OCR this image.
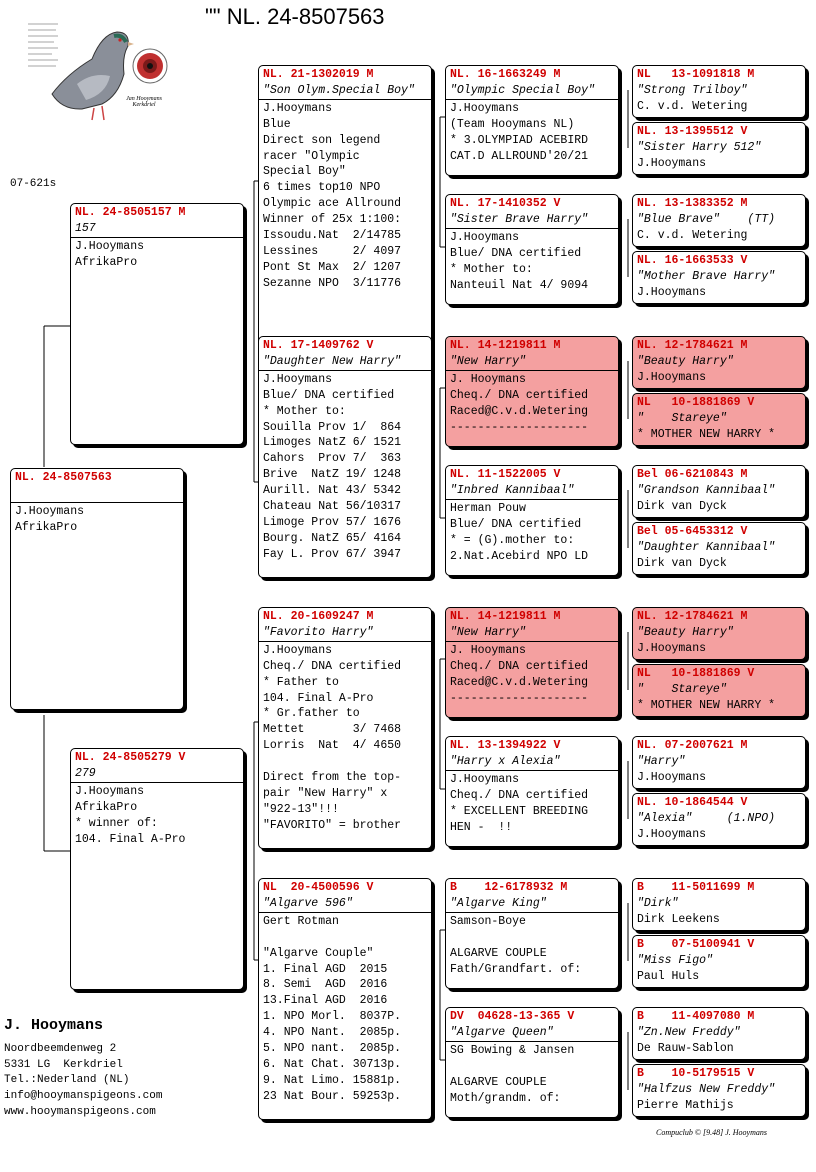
"" NL. 24-8507563
07-621s
Jan Hooymans Kerkdriel
NL. 24-8507563
J.Hooymans
AfrikaPro
NL. 24-8505157 M
157
J.Hooymans
AfrikaPro
NL. 24-8505279 V
279
J.Hooymans
AfrikaPro
* winner of:
104. Final A-Pro
NL. 21-1302019 M
"Son Olym.Special Boy"
J.Hooymans
Blue
Direct son legend
racer "Olympic
Special Boy"
6 times top10 NPO
Olympic ace Allround
Winner of 25x 1:100:
Issoudu.Nat  2/14785
Lessines     2/ 4097
Pont St Max  2/ 1207
Sezanne NPO  3/11776
NL. 17-1409762 V
"Daughter New Harry"
J.Hooymans
Blue/ DNA certified
* Mother to:
Souilla Prov 1/  864
Limoges NatZ 6/ 1521
Cahors  Prov 7/  363
Brive  NatZ 19/ 1248
Aurill. Nat 43/ 5342
Chateau Nat 56/10317
Limoge Prov 57/ 1676
Bourg. NatZ 65/ 4164
Fay L. Prov 67/ 3947
NL. 20-1609247 M
"Favorito Harry"
J.Hooymans
Cheq./ DNA certified
* Father to
104. Final A-Pro
* Gr.father to
Mettet       3/ 7468
Lorris  Nat  4/ 4650

Direct from the top-
pair "New Harry" x
"922-13"!!!
"FAVORITO" = brother
NL  20-4500596 V
"Algarve 596"
Gert Rotman

"Algarve Couple"
1. Final AGD  2015
8. Semi  AGD  2016
13.Final AGD  2016
1. NPO Morl.  8037P.
4. NPO Nant.  2085p.
5. NPO nant.  2085p.
6. Nat Chat. 30713p.
9. Nat Limo. 15881p.
23 Nat Bour. 59253p.
NL. 16-1663249 M
"Olympic Special Boy"
J.Hooymans
(Team Hooymans NL)
* 3.OLYMPIAD ACEBIRD
CAT.D ALLROUND'20/21
NL. 17-1410352 V
"Sister Brave Harry"
J.Hooymans
Blue/ DNA certified
* Mother to:
Nanteuil Nat 4/ 9094
NL. 14-1219811 M
"New Harry"
J. Hooymans
Cheq./ DNA certified
Raced@C.v.d.Wetering
--------------------
NL. 11-1522005 V
"Inbred Kannibaal"
Herman Pouw
Blue/ DNA certified
* = (G).mother to:
2.Nat.Acebird NPO LD
NL. 14-1219811 M
"New Harry"
J. Hooymans
Cheq./ DNA certified
Raced@C.v.d.Wetering
--------------------
NL. 13-1394922 V
"Harry x Alexia"
J.Hooymans
Cheq./ DNA certified
* EXCELLENT BREEDING
HEN -  !!
B    12-6178932 M
"Algarve King"
Samson-Boye

ALGARVE COUPLE
Fath/Grandfart. of:
DV  04628-13-365 V
"Algarve Queen"
SG Bowing & Jansen

ALGARVE COUPLE
Moth/grandm. of:
NL   13-1091818 M
"Strong Trilboy"
C. v.d. Wetering
NL. 13-1395512 V
"Sister Harry 512"
J.Hooymans
NL. 13-1383352 M
"Blue Brave"    (TT)
C. v.d. Wetering
NL. 16-1663533 V
"Mother Brave Harry"
J.Hooymans
NL. 12-1784621 M
"Beauty Harry"
J.Hooymans
NL   10-1881869 V
"    Stareye"
* MOTHER NEW HARRY *
Bel 06-6210843 M
"Grandson Kannibaal"
Dirk van Dyck
Bel 05-6453312 V
"Daughter Kannibaal"
Dirk van Dyck
NL. 12-1784621 M
"Beauty Harry"
J.Hooymans
NL   10-1881869 V
"    Stareye"
* MOTHER NEW HARRY *
NL. 07-2007621 M
"Harry"
J.Hooymans
NL. 10-1864544 V
"Alexia"     (1.NPO)
J.Hooymans
B    11-5011699 M
"Dirk"
Dirk Leekens
B    07-5100941 V
"Miss Figo"
Paul Huls
B    11-4097080 M
"Zn.New Freddy"
De Rauw-Sablon
B    10-5179515 V
"Halfzus New Freddy"
Pierre Mathijs
J. Hooymans
Noordbeemdenweg 2
5331 LG  Kerkdriel
Tel.:Nederland (NL)
info@hooymanspigeons.com
www.hooymanspigeons.com
Compuclub © [9.48] J. Hooymans
